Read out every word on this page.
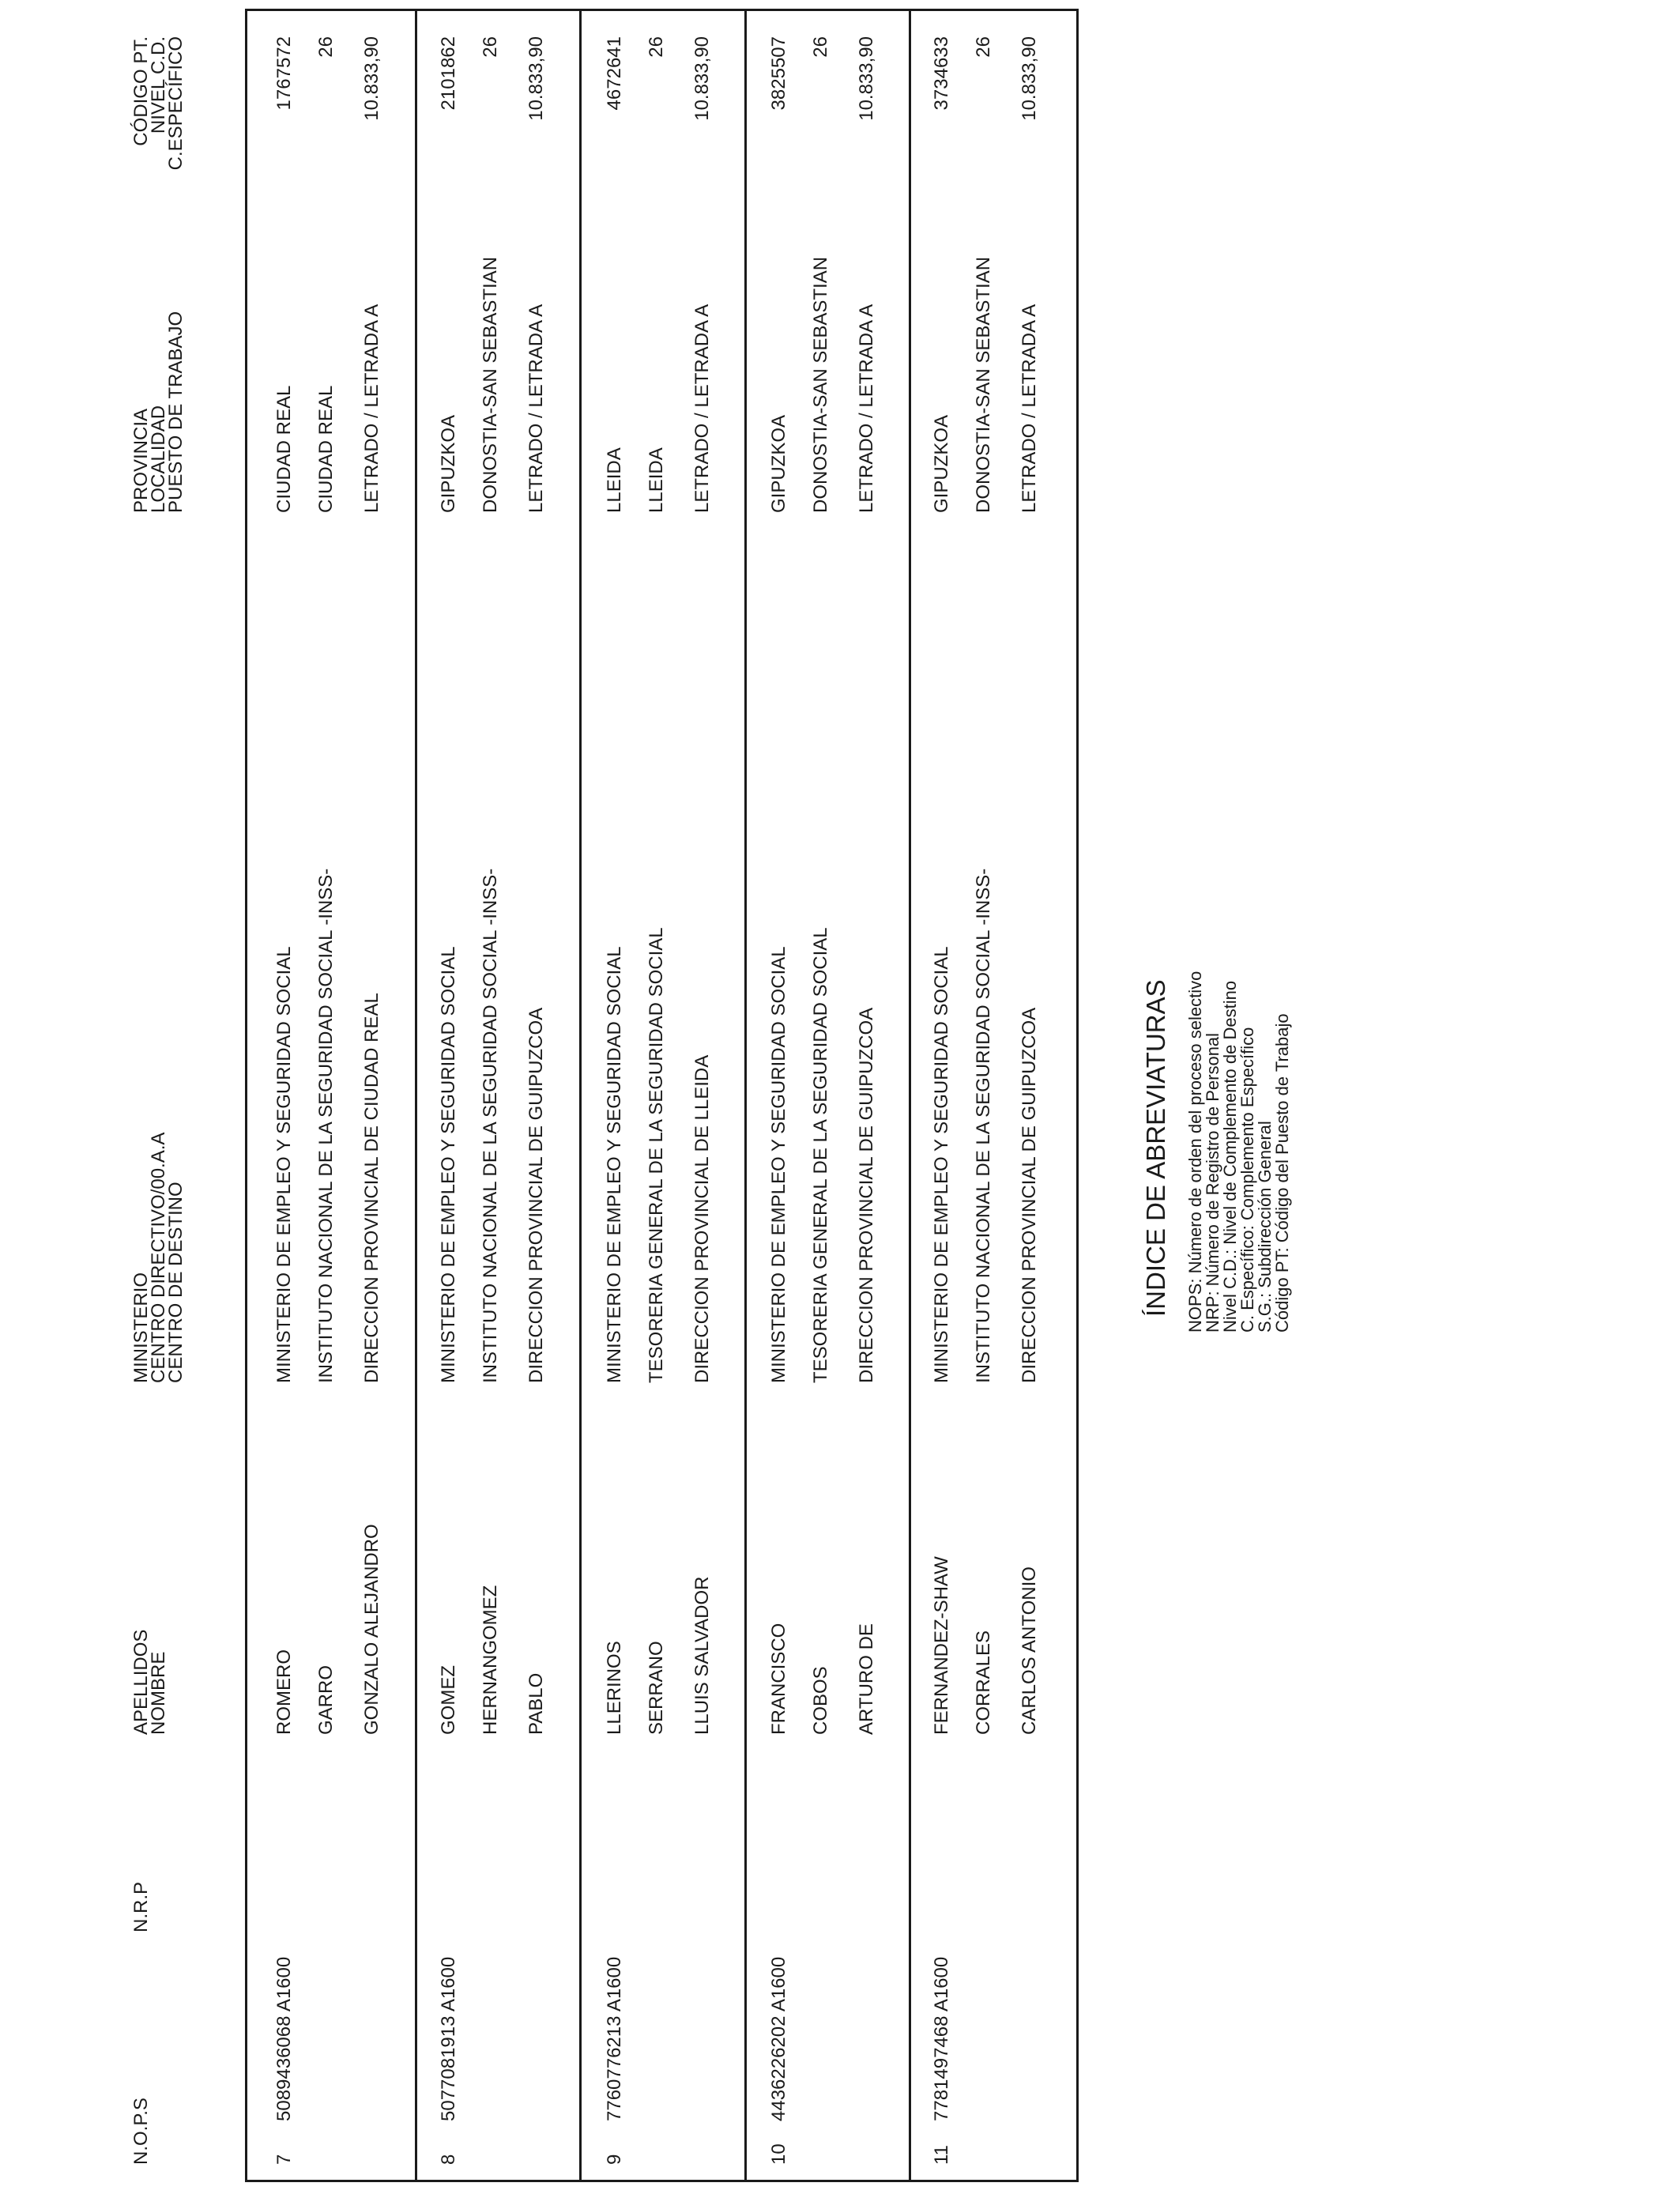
N.O.P.S
N.R.P
APELLIDOS
NOMBRE
MINISTERIO
CENTRO DIRECTIVO/00.A.A
CENTRO DE DESTINO
PROVINCIA
LOCALIDAD
PUESTO DE TRABAJO
CÓDIGO PT.
NIVEL C.D.
C.ESPECÍFICO
7
5089436068 A1600
ROMERO GARRO GONZALO ALEJANDRO
MINISTERIO DE EMPLEO Y SEGURIDAD SOCIAL INSTITUTO NACIONAL DE LA SEGURIDAD SOCIAL -INSS- DIRECCION PROVINCIAL DE CIUDAD REAL
CIUDAD REAL CIUDAD REAL LETRADO / LETRADA A
1767572 26 10.833,90
8
5077081913 A1600
GOMEZ HERNANGOMEZ PABLO
MINISTERIO DE EMPLEO Y SEGURIDAD SOCIAL INSTITUTO NACIONAL DE LA SEGURIDAD SOCIAL -INSS- DIRECCION PROVINCIAL DE GUIPUZCOA
GIPUZKOA DONOSTIA-SAN SEBASTIAN LETRADO / LETRADA A
2101862 26 10.833,90
9
7760776213 A1600
LLERINOS SERRANO LLUIS SALVADOR
MINISTERIO DE EMPLEO Y SEGURIDAD SOCIAL TESORERIA GENERAL DE LA SEGURIDAD SOCIAL DIRECCION PROVINCIAL DE LLEIDA
LLEIDA LLEIDA LETRADO / LETRADA A
4672641 26 10.833,90
10
4436226202 A1600
FRANCISCO COBOS ARTURO DE
MINISTERIO DE EMPLEO Y SEGURIDAD SOCIAL TESORERIA GENERAL DE LA SEGURIDAD SOCIAL DIRECCION PROVINCIAL DE GUIPUZCOA
GIPUZKOA DONOSTIA-SAN SEBASTIAN LETRADO / LETRADA A
3825507 26 10.833,90
11
7781497468 A1600
FERNANDEZ-SHAW CORRALES CARLOS ANTONIO
MINISTERIO DE EMPLEO Y SEGURIDAD SOCIAL INSTITUTO NACIONAL DE LA SEGURIDAD SOCIAL -INSS- DIRECCION PROVINCIAL DE GUIPUZCOA
GIPUZKOA DONOSTIA-SAN SEBASTIAN LETRADO / LETRADA A
3734633 26 10.833,90
ÍNDICE DE ABREVIATURAS NOPS: Número de orden del proceso selectivo
NRP: Número de Registro de Personal
Nivel C.D.: Nivel de Complemento de Destino
C. Específico: Complemento Específico
S.G.: Subdirección General
Código PT: Código del Puesto de Trabajo
